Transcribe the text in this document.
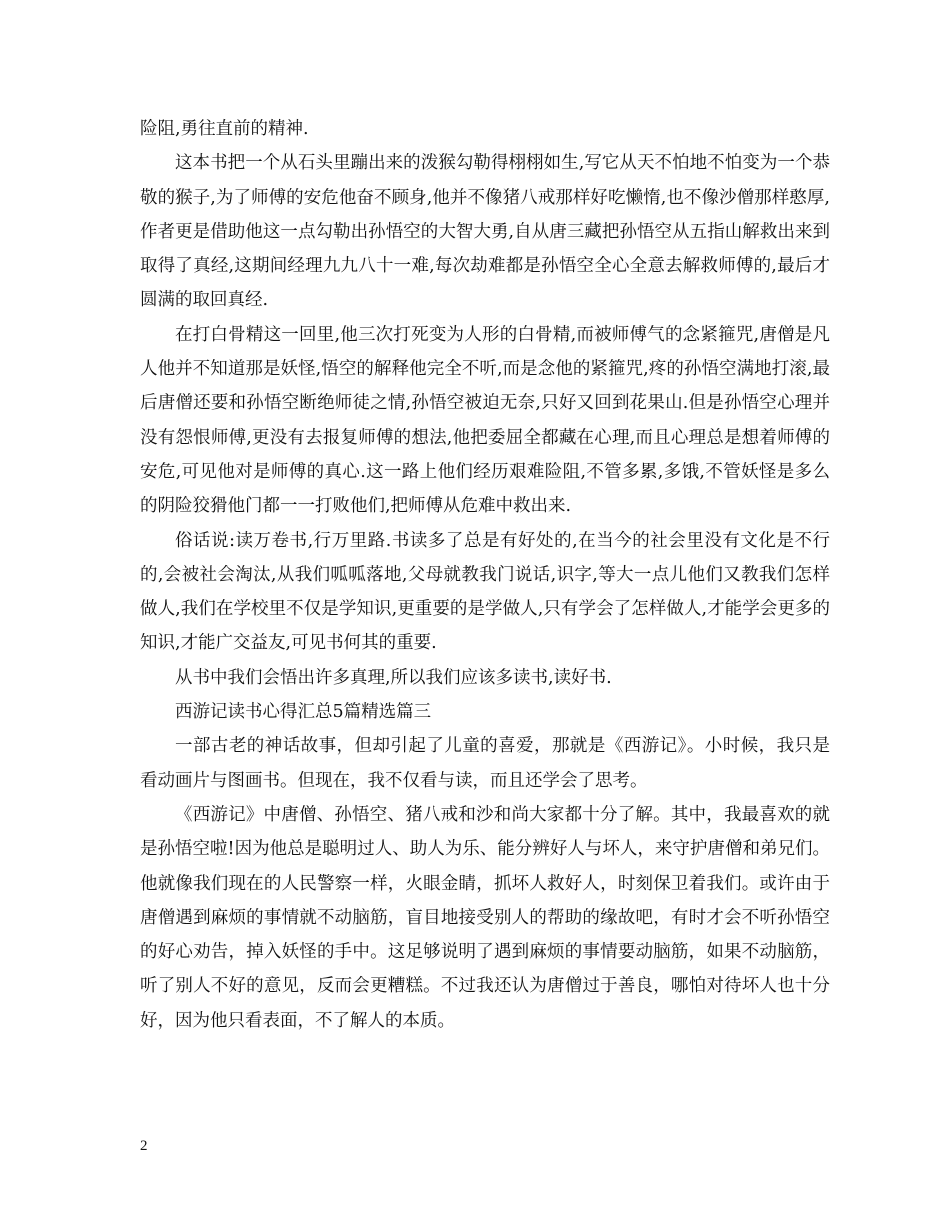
险阻,勇往直前的精神.

这本书把一个从石头里蹦出来的泼猴勾勒得栩栩如生,写它从天不怕地不怕变为一个恭敬的猴子,为了师傅的安危他奋不顾身,他并不像猪八戒那样好吃懒惰,也不像沙僧那样憨厚,作者更是借助他这一点勾勒出孙悟空的大智大勇,自从唐三藏把孙悟空从五指山解救出来到取得了真经,这期间经理九九八十一难,每次劫难都是孙悟空全心全意去解救师傅的,最后才圆满的取回真经.

在打白骨精这一回里,他三次打死变为人形的白骨精,而被师傅气的念紧箍咒,唐僧是凡人他并不知道那是妖怪,悟空的解释他完全不听,而是念他的紧箍咒,疼的孙悟空满地打滚,最后唐僧还要和孙悟空断绝师徒之情,孙悟空被迫无奈,只好又回到花果山.但是孙悟空心理并没有怨恨师傅,更没有去报复师傅的想法,他把委屈全都藏在心理,而且心理总是想着师傅的安危,可见他对是师傅的真心.这一路上他们经历艰难险阻,不管多累,多饿,不管妖怪是多么的阴险狡猾他门都一一打败他们,把师傅从危难中救出来.

俗话说:读万卷书,行万里路.书读多了总是有好处的,在当今的社会里没有文化是不行的,会被社会淘汰,从我们呱呱落地,父母就教我门说话,识字,等大一点儿他们又教我们怎样做人,我们在学校里不仅是学知识,更重要的是学做人,只有学会了怎样做人,才能学会更多的知识,才能广交益友,可见书何其的重要.

从书中我们会悟出许多真理,所以我们应该多读书,读好书.

西游记读书心得汇总5篇精选篇三

一部古老的神话故事，但却引起了儿童的喜爱，那就是《西游记》。小时候，我只是看动画片与图画书。但现在，我不仅看与读，而且还学会了思考。

《西游记》中唐僧、孙悟空、猪八戒和沙和尚大家都十分了解。其中，我最喜欢的就是孙悟空啦!因为他总是聪明过人、助人为乐、能分辨好人与坏人，来守护唐僧和弟兄们。他就像我们现在的人民警察一样，火眼金睛，抓坏人救好人，时刻保卫着我们。或许由于唐僧遇到麻烦的事情就不动脑筋，盲目地接受别人的帮助的缘故吧，有时才会不听孙悟空的好心劝告，掉入妖怪的手中。这足够说明了遇到麻烦的事情要动脑筋，如果不动脑筋，听了别人不好的意见，反而会更糟糕。不过我还认为唐僧过于善良，哪怕对待坏人也十分好，因为他只看表面，不了解人的本质。

2
